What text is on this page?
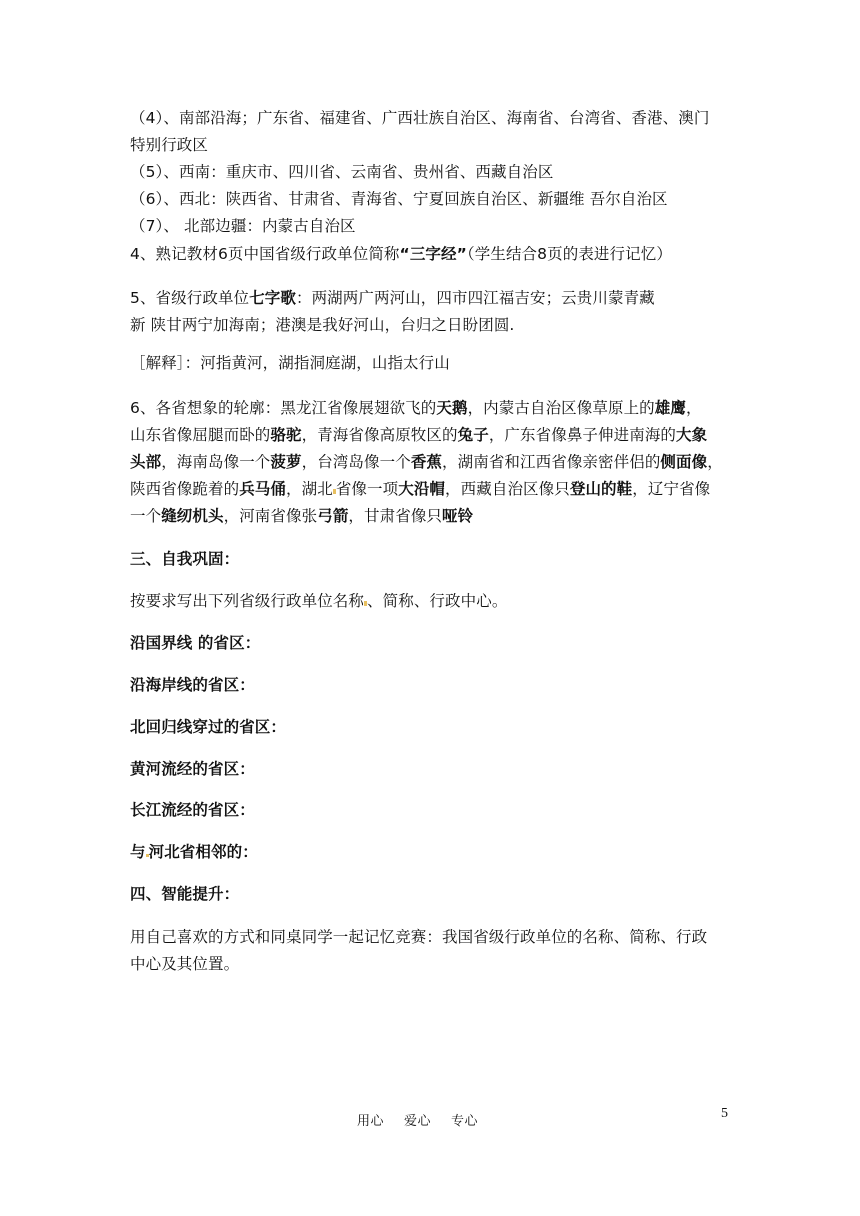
（4）、南部沿海；广东省、福建省、广西壮族自治区、海南省、台湾省、香港、澳门
特别行政区
（5）、西南：重庆市、四川省、云南省、贵州省、西藏自治区
（6）、西北：陕西省、甘肃省、青海省、宁夏回族自治区、新疆维 吾尔自治区
（7）、 北部边疆：内蒙古自治区
4、熟记教材6页中国省级行政单位简称“三字经”（学生结合8页的表进行记忆）
5、省级行政单位七字歌：两湖两广两河山，四市四江福吉安；云贵川蒙青藏
新 陕甘两宁加海南；港澳是我好河山，台归之日盼团圆.
［解释］：河指黄河，湖指洞庭湖，山指太行山
6、各省想象的轮廓：黑龙江省像展翅欲飞的天鹅，内蒙古自治区像草原上的雄鹰，
山东省像屈腿而卧的骆驼，青海省像高原牧区的兔子，广东省像鼻子伸进南海的大象
头部，海南岛像一个菠萝，台湾岛像一个香蕉，湖南省和江西省像亲密伴侣的侧面像，
陕西省像跪着的兵马俑，湖北 省像一项大沿帽，西藏自治区像只登山的鞋，辽宁省像
一个缝纫机头，河南省像张弓箭，甘肃省像只哑铃
三、自我巩固：
按要求写出下列省级行政单位名称 、简称、行政中心。
沿国界线 的省区：
沿海岸线的省区：
北回归线穿过的省区：
黄河流经的省区：
长江流经的省区：
与 河北省相邻的：
四、智能提升：
用自己喜欢的方式和同桌同学一起记忆竞赛：我国省级行政单位的名称、简称、行政
中心及其位置。
用心 爱心 专心
5
